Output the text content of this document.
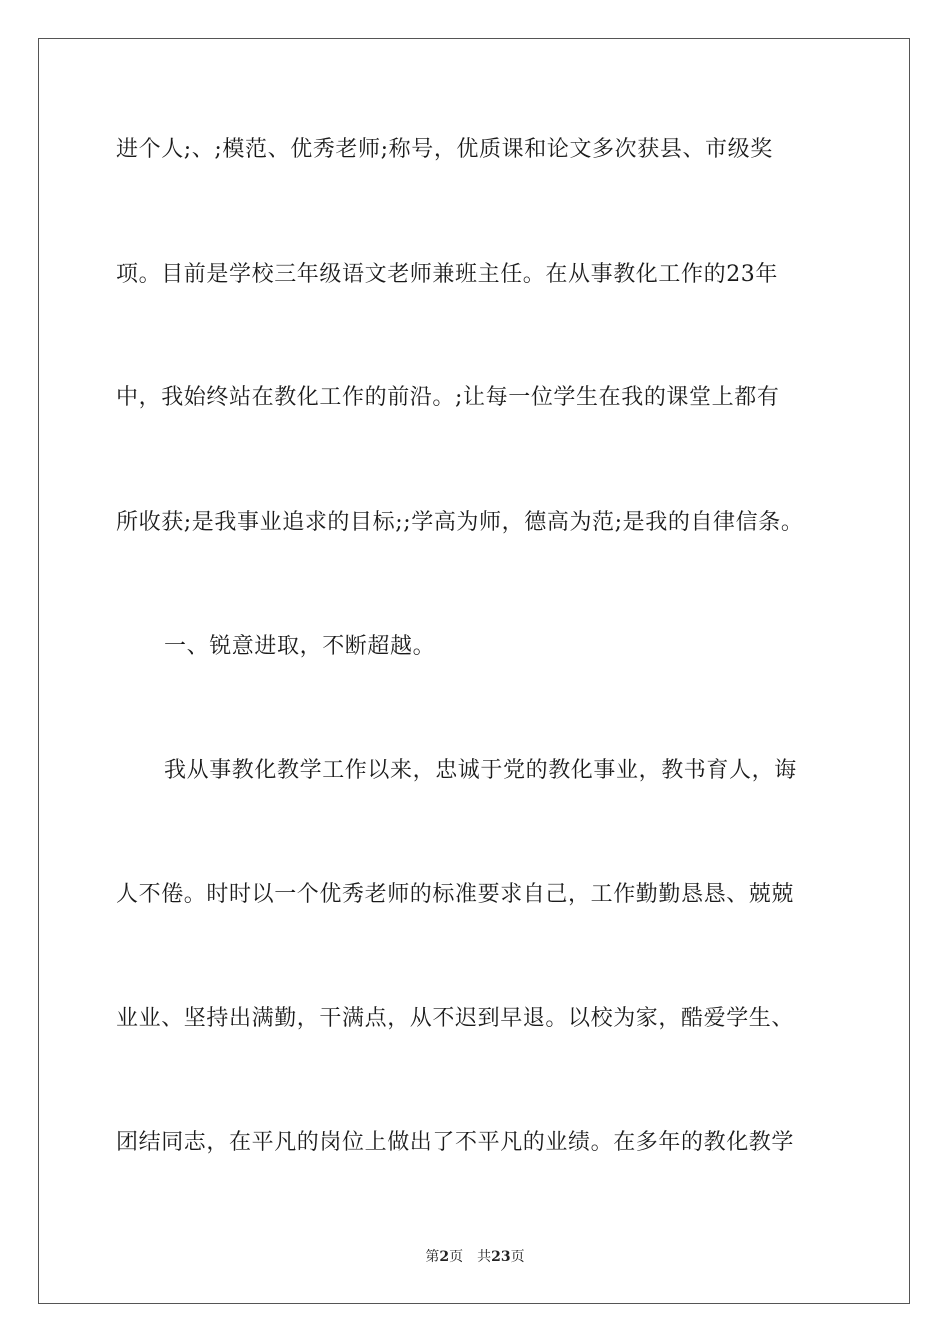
进个人;、;模范、优秀老师;称号，优质课和论文多次获县、市级奖
项。目前是学校三年级语文老师兼班主任。在从事教化工作的23年
中，我始终站在教化工作的前沿。;让每一位学生在我的课堂上都有
所收获;是我事业追求的目标;;学高为师，德高为范;是我的自律信条。
一、锐意进取，不断超越。
我从事教化教学工作以来，忠诚于党的教化事业，教书育人，诲
人不倦。时时以一个优秀老师的标准要求自己，工作勤勤恳恳、兢兢
业业、坚持出满勤，干满点，从不迟到早退。以校为家，酷爱学生、
团结同志，在平凡的岗位上做出了不平凡的业绩。在多年的教化教学
第2页　共23页
